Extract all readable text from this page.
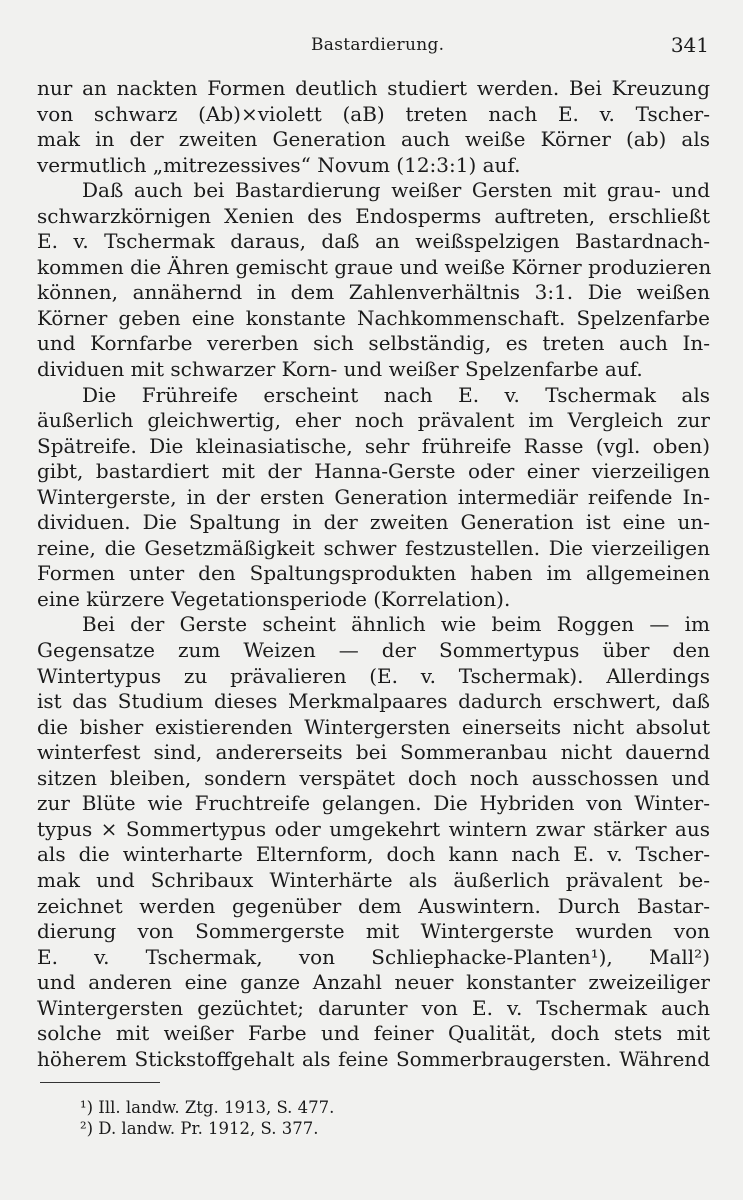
Bastardierung.	341
nur an nackten Formen deutlich studiert werden. Bei Kreuzung
von schwarz (Ab)×violett (aB) treten nach E. v. Tscher-
mak in der zweiten Generation auch weiße Körner (ab) als
vermutlich „mitrezessives“ Novum (12:3:1) auf.
Daß auch bei Bastardierung weißer Gersten mit grau- und
schwarzkörnigen Xenien des Endosperms auftreten, erschließt
E. v. Tschermak daraus, daß an weißspelzigen Bastardnach-
kommen die Ähren gemischt graue und weiße Körner produzieren
können, annähernd in dem Zahlenverhältnis 3:1. Die weißen
Körner geben eine konstante Nachkommenschaft. Spelzenfarbe
und Kornfarbe vererben sich selbständig, es treten auch In-
dividuen mit schwarzer Korn- und weißer Spelzenfarbe auf.
Die Frühreife erscheint nach E. v. Tschermak als
äußerlich gleichwertig, eher noch prävalent im Vergleich zur
Spätreife. Die kleinasiatische, sehr frühreife Rasse (vgl. oben)
gibt, bastardiert mit der Hanna-Gerste oder einer vierzeiligen
Wintergerste, in der ersten Generation intermediär reifende In-
dividuen. Die Spaltung in der zweiten Generation ist eine un-
reine, die Gesetzmäßigkeit schwer festzustellen. Die vierzeiligen
Formen unter den Spaltungsprodukten haben im allgemeinen
eine kürzere Vegetationsperiode (Korrelation).
Bei der Gerste scheint ähnlich wie beim Roggen — im
Gegensatze zum Weizen — der Sommertypus über den
Wintertypus zu prävalieren (E. v. Tschermak). Allerdings
ist das Studium dieses Merkmalpaares dadurch erschwert, daß
die bisher existierenden Wintergersten einerseits nicht absolut
winterfest sind, andererseits bei Sommeranbau nicht dauernd
sitzen bleiben, sondern verspätet doch noch ausschossen und
zur Blüte wie Fruchtreife gelangen. Die Hybriden von Winter-
typus × Sommertypus oder umgekehrt wintern zwar stärker aus
als die winterharte Elternform, doch kann nach E. v. Tscher-
mak und Schribaux Winterhärte als äußerlich prävalent be-
zeichnet werden gegenüber dem Auswintern. Durch Bastar-
dierung von Sommergerste mit Wintergerste wurden von
E. v. Tschermak, von Schliephacke-Planten¹), Mall²)
und anderen eine ganze Anzahl neuer konstanter zweizeiliger
Wintergersten gezüchtet; darunter von E. v. Tschermak auch
solche mit weißer Farbe und feiner Qualität, doch stets mit
höherem Stickstoffgehalt als feine Sommerbraugersten. Während
¹) Ill. landw. Ztg. 1913, S. 477.
²) D. landw. Pr. 1912, S. 377.
